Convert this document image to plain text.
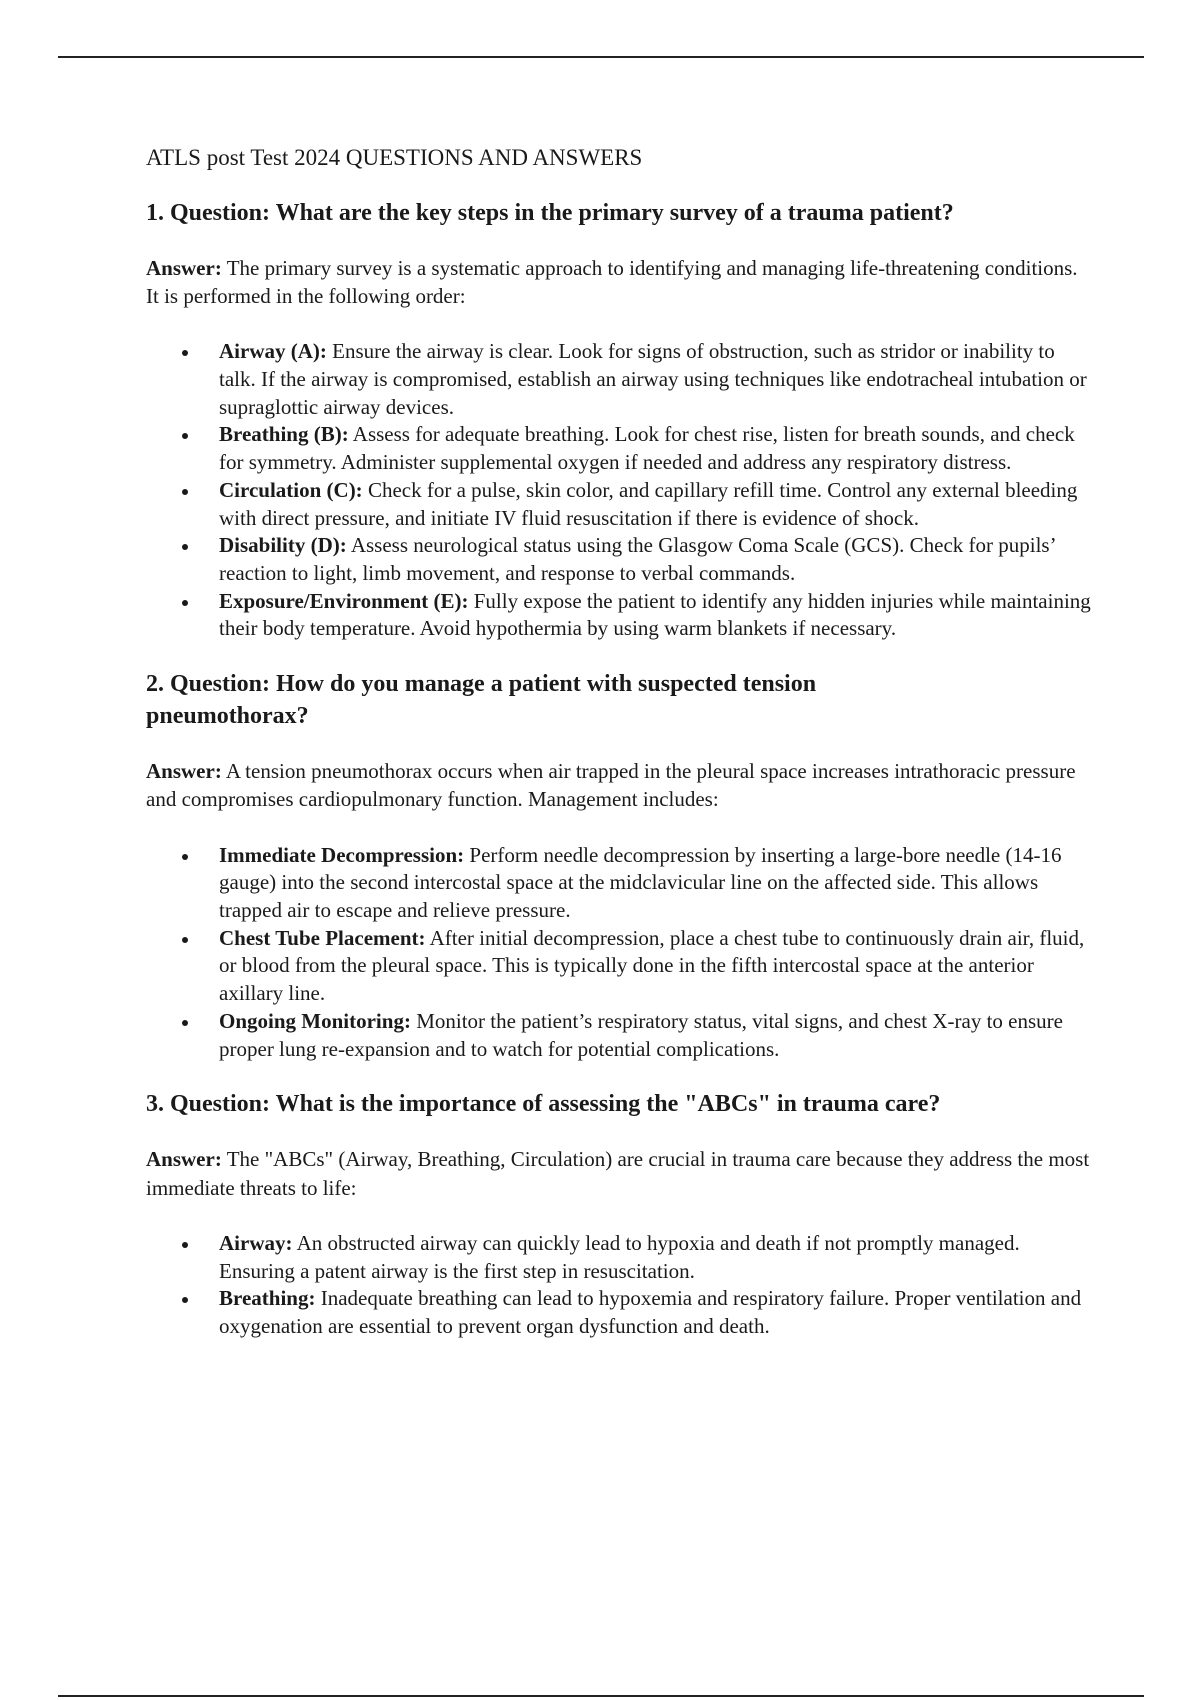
ATLS post Test 2024 QUESTIONS AND ANSWERS
1. Question: What are the key steps in the primary survey of a trauma patient?

Answer: The primary survey is a systematic approach to identifying and managing life-threatening conditions. It is performed in the following order:

Airway (A): Ensure the airway is clear. Look for signs of obstruction, such as stridor or inability to talk. If the airway is compromised, establish an airway using techniques like endotracheal intubation or supraglottic airway devices.
Breathing (B): Assess for adequate breathing. Look for chest rise, listen for breath sounds, and check for symmetry. Administer supplemental oxygen if needed and address any respiratory distress.
Circulation (C): Check for a pulse, skin color, and capillary refill time. Control any external bleeding with direct pressure, and initiate IV fluid resuscitation if there is evidence of shock.
Disability (D): Assess neurological status using the Glasgow Coma Scale (GCS). Check for pupils’ reaction to light, limb movement, and response to verbal commands.
Exposure/Environment (E): Fully expose the patient to identify any hidden injuries while maintaining their body temperature. Avoid hypothermia by using warm blankets if necessary.
2. Question: How do you manage a patient with suspected tension pneumothorax?

Answer: A tension pneumothorax occurs when air trapped in the pleural space increases intrathoracic pressure and compromises cardiopulmonary function. Management includes:

Immediate Decompression: Perform needle decompression by inserting a large-bore needle (14-16 gauge) into the second intercostal space at the midclavicular line on the affected side. This allows trapped air to escape and relieve pressure.
Chest Tube Placement: After initial decompression, place a chest tube to continuously drain air, fluid, or blood from the pleural space. This is typically done in the fifth intercostal space at the anterior axillary line.
Ongoing Monitoring: Monitor the patient’s respiratory status, vital signs, and chest X-ray to ensure proper lung re-expansion and to watch for potential complications.
3. Question: What is the importance of assessing the "ABCs" in trauma care?

Answer: The "ABCs" (Airway, Breathing, Circulation) are crucial in trauma care because they address the most immediate threats to life:

Airway: An obstructed airway can quickly lead to hypoxia and death if not promptly managed. Ensuring a patent airway is the first step in resuscitation.
Breathing: Inadequate breathing can lead to hypoxemia and respiratory failure. Proper ventilation and oxygenation are essential to prevent organ dysfunction and death.
